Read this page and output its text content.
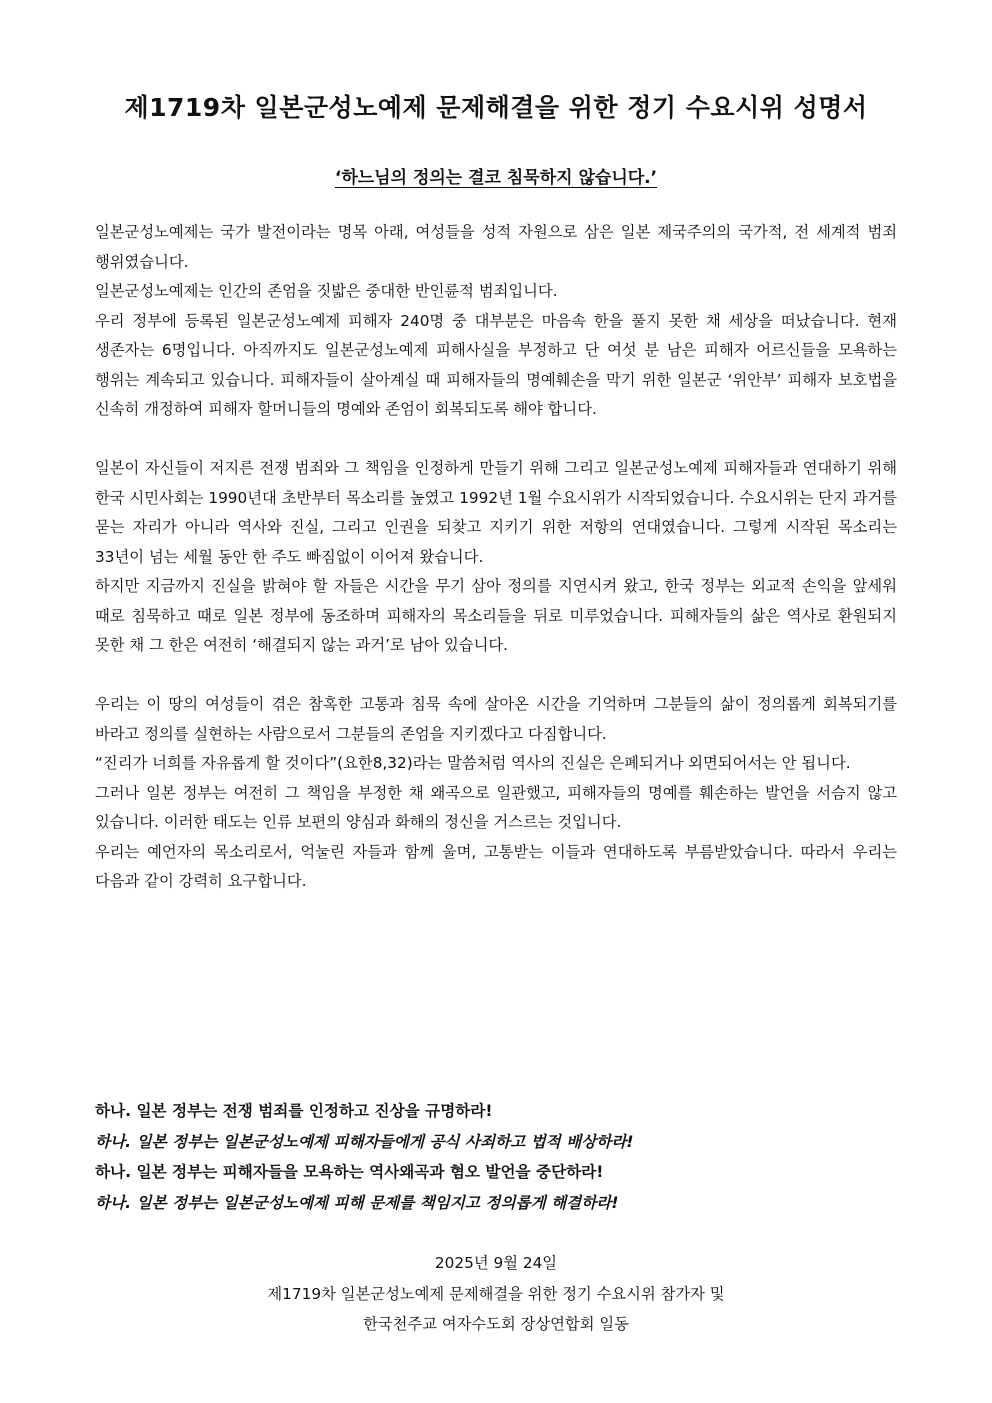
제1719차 일본군성노예제 문제해결을 위한 정기 수요시위 성명서
‘하느님의 정의는 결코 침묵하지 않습니다.’

일본군성노예제는 국가 발전이라는 명목 아래, 여성들을 성적 자원으로 삼은 일본 제국주의의 국가적, 전 세계적 범죄 행위였습니다.

일본군성노예제는 인간의 존엄을 짓밟은 중대한 반인륜적 범죄입니다.

우리 정부에 등록된 일본군성노예제 피해자 240명 중 대부분은 마음속 한을 풀지 못한 채 세상을 떠났습니다. 현재 생존자는 6명입니다. 아직까지도 일본군성노예제 피해사실을 부정하고 단 여섯 분 남은 피해자 어르신들을 모욕하는 행위는 계속되고 있습니다. 피해자들이 살아계실 때 피해자들의 명예훼손을 막기 위한 일본군 ‘위안부’ 피해자 보호법을 신속히 개정하여 피해자 할머니들의 명예와 존엄이 회복되도록 해야 합니다.

일본이 자신들이 저지른 전쟁 범죄와 그 책임을 인정하게 만들기 위해 그리고 일본군성노예제 피해자들과 연대하기 위해 한국 시민사회는 1990년대 초반부터 목소리를 높였고 1992년 1월 수요시위가 시작되었습니다. 수요시위는 단지 과거를 묻는 자리가 아니라 역사와 진실, 그리고 인권을 되찾고 지키기 위한 저항의 연대였습니다. 그렇게 시작된 목소리는 33년이 넘는 세월 동안 한 주도 빠짐없이 이어져 왔습니다.

하지만 지금까지 진실을 밝혀야 할 자들은 시간을 무기 삼아 정의를 지연시켜 왔고, 한국 정부는 외교적 손익을 앞세워 때로 침묵하고 때로 일본 정부에 동조하며 피해자의 목소리들을 뒤로 미루었습니다. 피해자들의 삶은 역사로 환원되지 못한 채 그 한은 여전히 ‘해결되지 않는 과거’로 남아 있습니다.

우리는 이 땅의 여성들이 겪은 참혹한 고통과 침묵 속에 살아온 시간을 기억하며 그분들의 삶이 정의롭게 회복되기를 바라고 정의를 실현하는 사람으로서 그분들의 존엄을 지키겠다고 다짐합니다.

“진리가 너희를 자유롭게 할 것이다”(요한8,32)라는 말씀처럼 역사의 진실은 은폐되거나 외면되어서는 안 됩니다.

그러나 일본 정부는 여전히 그 책임을 부정한 채 왜곡으로 일관했고, 피해자들의 명예를 훼손하는 발언을 서슴지 않고 있습니다. 이러한 태도는 인류 보편의 양심과 화해의 정신을 거스르는 것입니다.

우리는 예언자의 목소리로서, 억눌린 자들과 함께 울며, 고통받는 이들과 연대하도록 부름받았습니다. 따라서 우리는 다음과 같이 강력히 요구합니다.

하나. 일본 정부는 전쟁 범죄를 인정하고 진상을 규명하라!
하나. 일본 정부는 일본군성노예제 피해자들에게 공식 사죄하고 법적 배상하라!
하나. 일본 정부는 피해자들을 모욕하는 역사왜곡과 혐오 발언을 중단하라!
하나. 일본 정부는 일본군성노예제 피해 문제를 책임지고 정의롭게 해결하라!
2025년 9월 24일
제1719차 일본군성노예제 문제해결을 위한 정기 수요시위 참가자 및
한국천주교 여자수도회 장상연합회 일동
